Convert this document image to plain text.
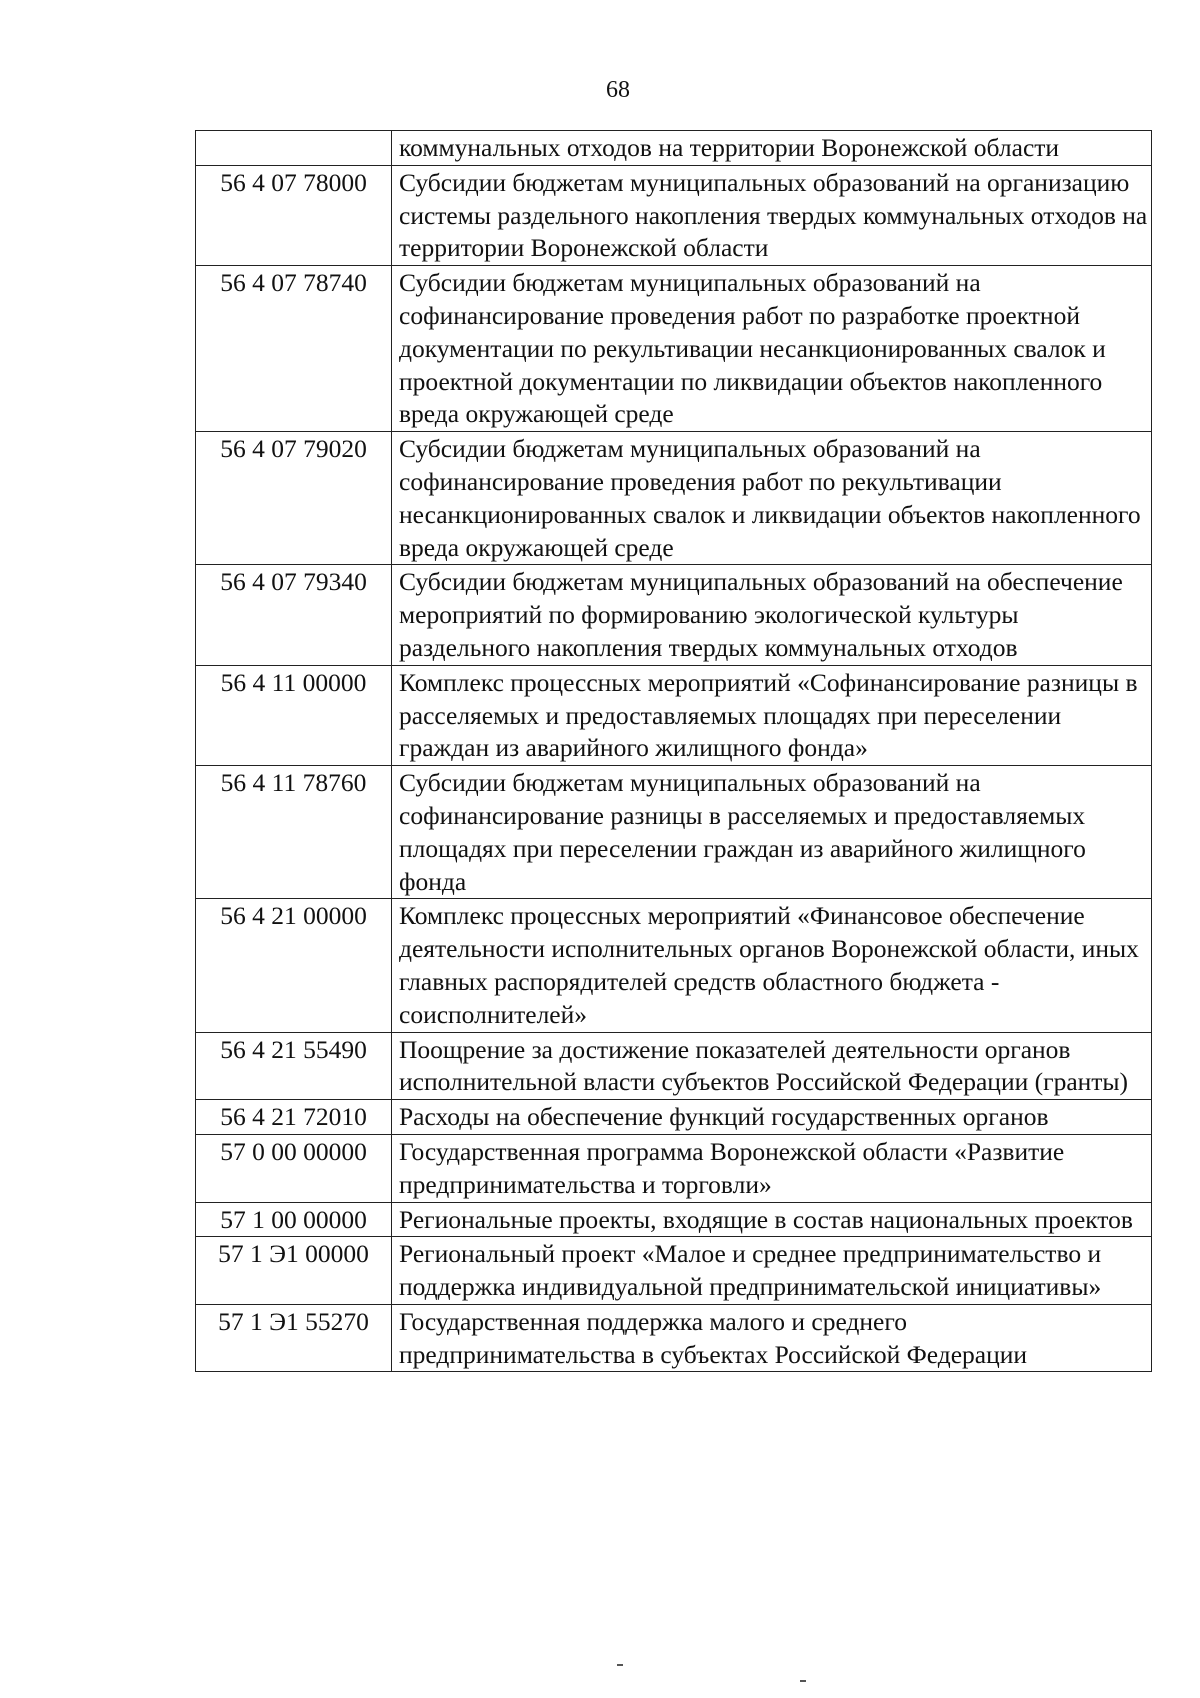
68
	коммунальных отходов на территории Воронежской области
56 4 07 78000	Субсидии бюджетам муниципальных образований на организацию системы раздельного накопления твердых коммунальных отходов на территории Воронежской области
56 4 07 78740	Субсидии бюджетам муниципальных образований на софинансирование проведения работ по разработке проектной документации по рекультивации несанкционированных свалок и проектной документации по ликвидации объектов накопленного вреда окружающей среде
56 4 07 79020	Субсидии бюджетам муниципальных образований на софинансирование проведения работ по рекультивации несанкционированных свалок и ликвидации объектов накопленного вреда окружающей среде
56 4 07 79340	Субсидии бюджетам муниципальных образований на обеспечение мероприятий по формированию экологической культуры раздельного накопления твердых коммунальных отходов
56 4 11 00000	Комплекс процессных мероприятий «Софинансирование разницы в расселяемых и предоставляемых площадях при переселении граждан из аварийного жилищного фонда»
56 4 11 78760	Субсидии бюджетам муниципальных образований на софинансирование разницы в расселяемых и предоставляемых площадях при переселении граждан из аварийного жилищного фонда
56 4 21 00000	Комплекс процессных мероприятий «Финансовое обеспечение деятельности исполнительных органов Воронежской области, иных главных распорядителей средств областного бюджета - соисполнителей»
56 4 21 55490	Поощрение за достижение показателей деятельности органов исполнительной власти субъектов Российской Федерации (гранты)
56 4 21 72010	Расходы на обеспечение функций государственных органов
57 0 00 00000	Государственная программа Воронежской области «Развитие предпринимательства и торговли»
57 1 00 00000	Региональные проекты, входящие в состав национальных проектов
57 1 Э1 00000	Региональный проект «Малое и среднее предпринимательство и поддержка индивидуальной предпринимательской инициативы»
57 1 Э1 55270	Государственная поддержка малого и среднего предпринимательства в субъектах Российской Федерации
